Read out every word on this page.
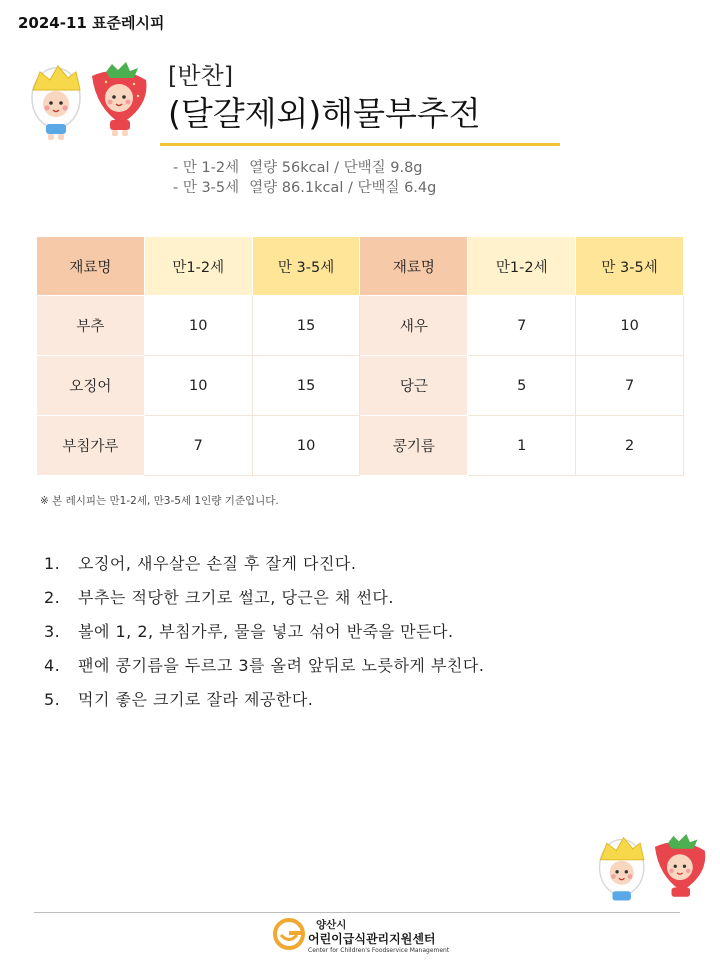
2024-11 표준레시피
[반찬]
(달걀제외)해물부추전
- 만 1-2세 열량 56kcal / 단백질 9.8g
- 만 3-5세 열량 86.1kcal / 단백질 6.4g
재료명	만1-2세	만 3-5세	재료명	만1-2세	만 3-5세
부추	10	15	새우	7	10
오징어	10	15	당근	5	7
부침가루	7	10	콩기름	1	2
※ 본 레시피는 만1-2세, 만3-5세 1인량 기준입니다.
1. 오징어, 새우살은 손질 후 잘게 다진다.
2. 부추는 적당한 크기로 썰고, 당근은 채 썬다.
3. 볼에 1, 2, 부침가루, 물을 넣고 섞어 반죽을 만든다.
4. 팬에 콩기름을 두르고 3를 올려 앞뒤로 노릇하게 부친다.
5. 먹기 좋은 크기로 잘라 제공한다.
양산시
어린이급식관리지원센터
Center for Children's Foodservice Management
